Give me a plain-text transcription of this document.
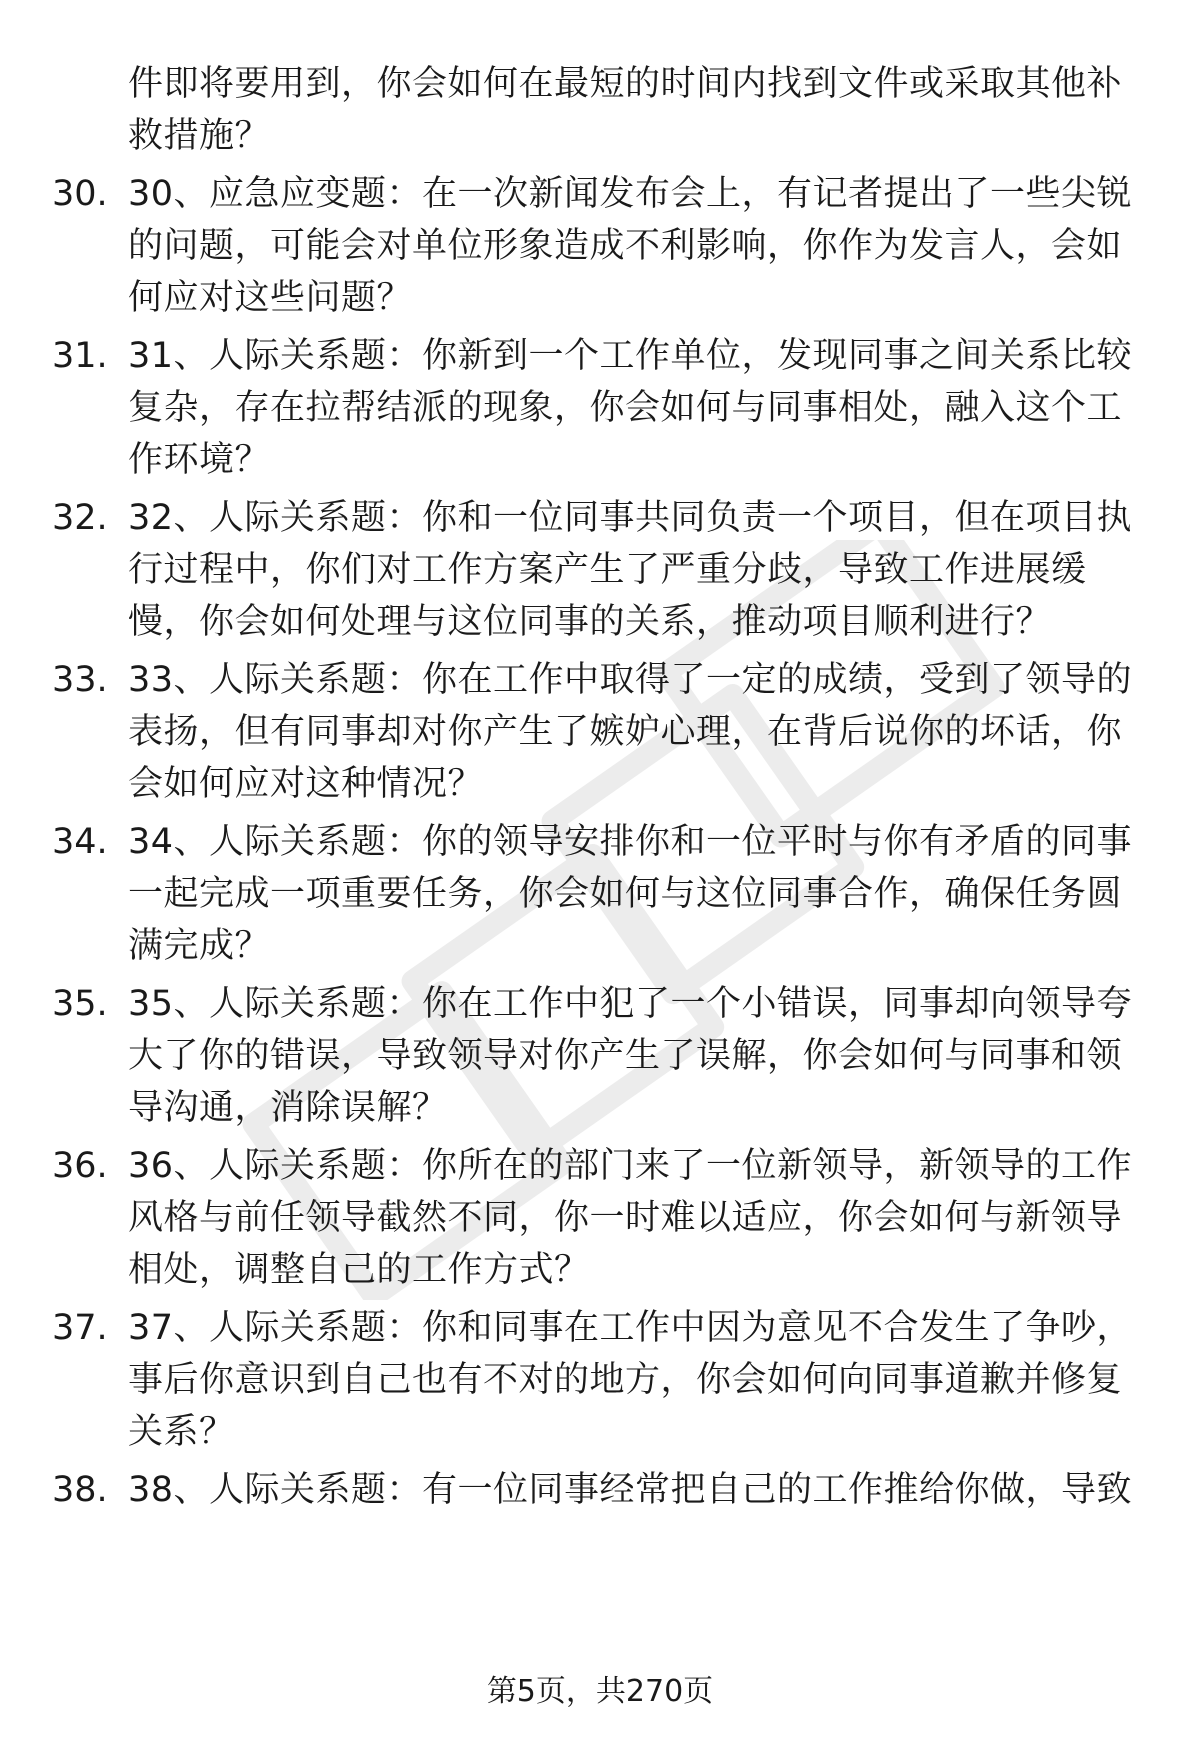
件即将要用到，你会如何在最短的时间内找到文件或采取其他补救措施？
30. 30、应急应变题：在一次新闻发布会上，有记者提出了一些尖锐的问题，可能会对单位形象造成不利影响，你作为发言人，会如何应对这些问题？
31. 31、人际关系题：你新到一个工作单位，发现同事之间关系比较复杂，存在拉帮结派的现象，你会如何与同事相处，融入这个工作环境？
32. 32、人际关系题：你和一位同事共同负责一个项目，但在项目执行过程中，你们对工作方案产生了严重分歧，导致工作进展缓慢，你会如何处理与这位同事的关系，推动项目顺利进行？
33. 33、人际关系题：你在工作中取得了一定的成绩，受到了领导的表扬，但有同事却对你产生了嫉妒心理，在背后说你的坏话，你会如何应对这种情况？
34. 34、人际关系题：你的领导安排你和一位平时与你有矛盾的同事一起完成一项重要任务，你会如何与这位同事合作，确保任务圆满完成？
35. 35、人际关系题：你在工作中犯了一个小错误，同事却向领导夸大了你的错误，导致领导对你产生了误解，你会如何与同事和领导沟通，消除误解？
36. 36、人际关系题：你所在的部门来了一位新领导，新领导的工作风格与前任领导截然不同，你一时难以适应，你会如何与新领导相处，调整自己的工作方式？
37. 37、人际关系题：你和同事在工作中因为意见不合发生了争吵，事后你意识到自己也有不对的地方，你会如何向同事道歉并修复关系？
38. 38、人际关系题：有一位同事经常把自己的工作推给你做，导致
第5页，共270页
